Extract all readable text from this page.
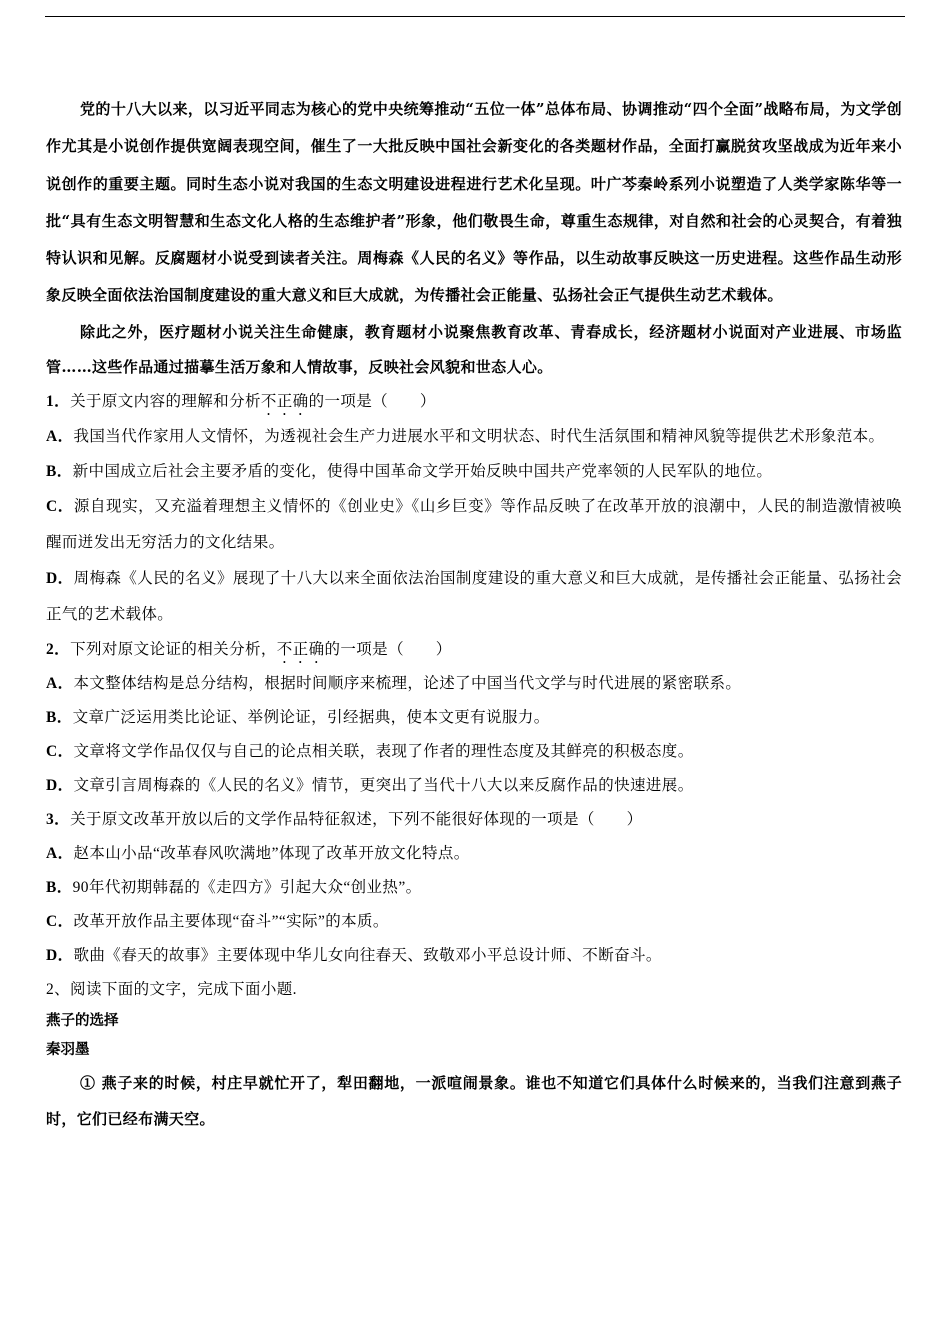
党的十八大以来，以习近平同志为核心的党中央统筹推动“五位一体”总体布局、协调推动“四个全面”战略布局，为文学创作尤其是小说创作提供宽阔表现空间，催生了一大批反映中国社会新变化的各类题材作品，全面打赢脱贫攻坚战成为近年来小说创作的重要主题。同时生态小说对我国的生态文明建设进程进行艺术化呈现。叶广芩秦岭系列小说塑造了人类学家陈华等一批“具有生态文明智慧和生态文化人格的生态维护者”形象，他们敬畏生命，尊重生态规律，对自然和社会的心灵契合，有着独特认识和见解。反腐题材小说受到读者关注。周梅森《人民的名义》等作品，以生动故事反映这一历史进程。这些作品生动形象反映全面依法治国制度建设的重大意义和巨大成就，为传播社会正能量、弘扬社会正气提供生动艺术载体。

除此之外，医疗题材小说关注生命健康，教育题材小说聚焦教育改革、青春成长，经济题材小说面对产业进展、市场监管……这些作品通过描摹生活万象和人情故事，反映社会风貌和世态人心。

1．关于原文内容的理解和分析不正确的一项是（　　）

A．我国当代作家用人文情怀，为透视社会生产力进展水平和文明状态、时代生活氛围和精神风貌等提供艺术形象范本。

B．新中国成立后社会主要矛盾的变化，使得中国革命文学开始反映中国共产党率领的人民军队的地位。

C．源自现实，又充溢着理想主义情怀的《创业史》《山乡巨变》等作品反映了在改革开放的浪潮中，人民的制造激情被唤醒而迸发出无穷活力的文化结果。

D．周梅森《人民的名义》展现了十八大以来全面依法治国制度建设的重大意义和巨大成就，是传播社会正能量、弘扬社会正气的艺术载体。

2．下列对原文论证的相关分析，不正确的一项是（　　）

A．本文整体结构是总分结构，根据时间顺序来梳理，论述了中国当代文学与时代进展的紧密联系。

B．文章广泛运用类比论证、举例论证，引经据典，使本文更有说服力。

C．文章将文学作品仅仅与自己的论点相关联，表现了作者的理性态度及其鲜亮的积极态度。

D．文章引言周梅森的《人民的名义》情节，更突出了当代十八大以来反腐作品的快速进展。

3．关于原文改革开放以后的文学作品特征叙述，下列不能很好体现的一项是（　　）

A．赵本山小品“改革春风吹满地”体现了改革开放文化特点。

B．90年代初期韩磊的《走四方》引起大众“创业热”。

C．改革开放作品主要体现“奋斗”“实际”的本质。

D．歌曲《春天的故事》主要体现中华儿女向往春天、致敬邓小平总设计师、不断奋斗。

2、阅读下面的文字，完成下面小题.

燕子的选择

秦羽墨

① 燕子来的时候，村庄早就忙开了，犁田翻地，一派喧闹景象。谁也不知道它们具体什么时候来的，当我们注意到燕子时，它们已经布满天空。
